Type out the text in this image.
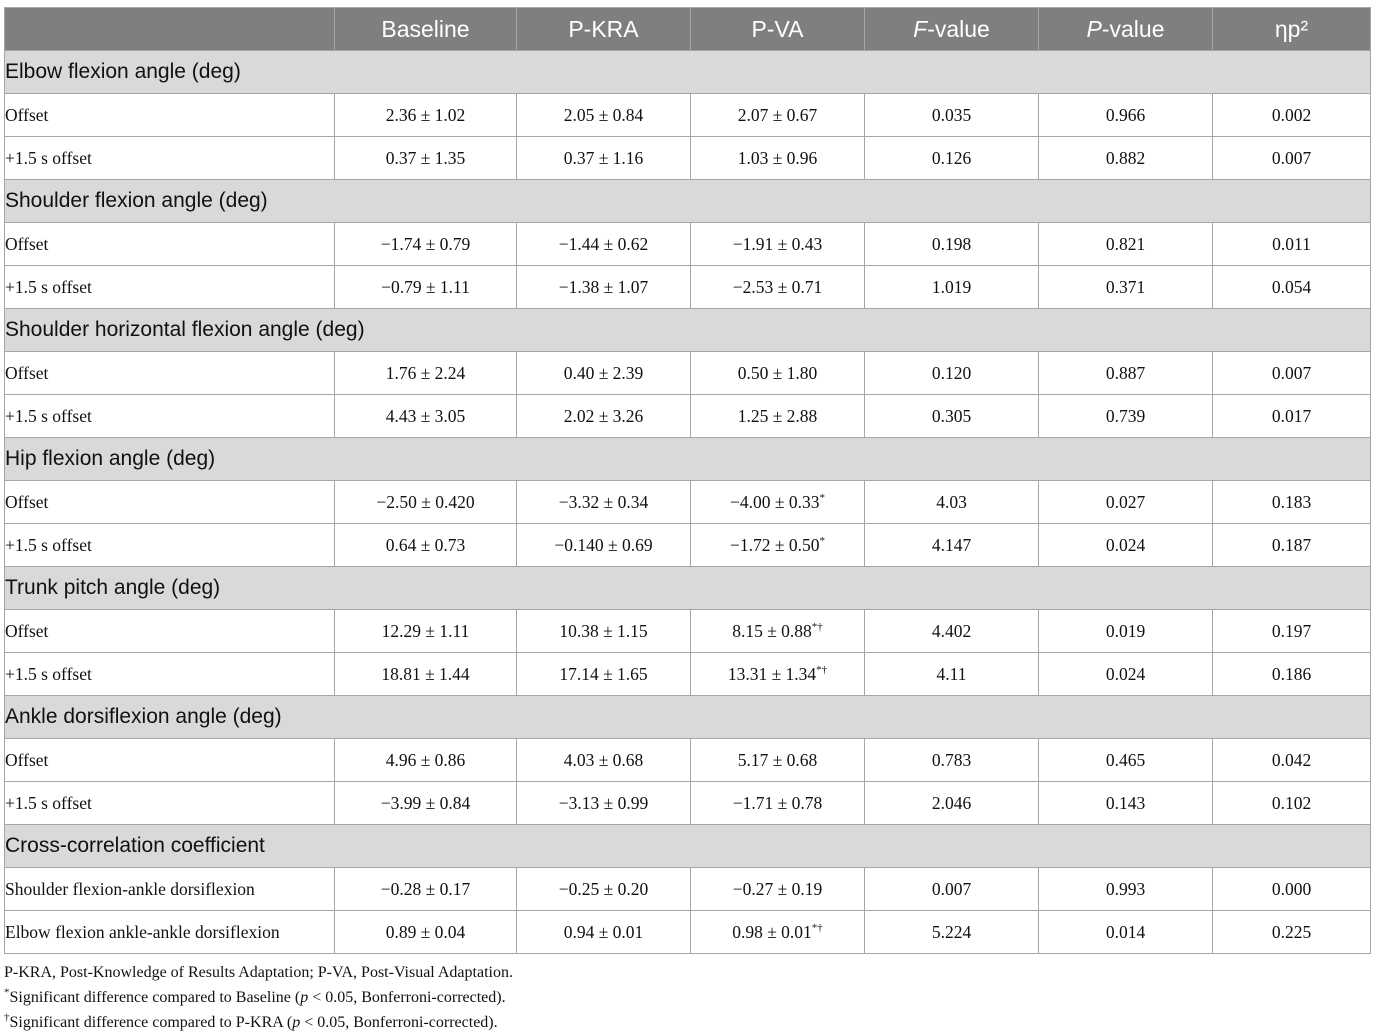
	Baseline	P-KRA	P-VA	F-value	P-value	ηp²
Elbow flexion angle (deg)						
Offset	2.36 ± 1.02	2.05 ± 0.84	2.07 ± 0.67	0.035	0.966	0.002
+1.5 s offset	0.37 ± 1.35	0.37 ± 1.16	1.03 ± 0.96	0.126	0.882	0.007
Shoulder flexion angle (deg)						
Offset	−1.74 ± 0.79	−1.44 ± 0.62	−1.91 ± 0.43	0.198	0.821	0.011
+1.5 s offset	−0.79 ± 1.11	−1.38 ± 1.07	−2.53 ± 0.71	1.019	0.371	0.054
Shoulder horizontal flexion angle (deg)						
Offset	1.76 ± 2.24	0.40 ± 2.39	0.50 ± 1.80	0.120	0.887	0.007
+1.5 s offset	4.43 ± 3.05	2.02 ± 3.26	1.25 ± 2.88	0.305	0.739	0.017
Hip flexion angle (deg)						
Offset	−2.50 ± 0.420	−3.32 ± 0.34	−4.00 ± 0.33*	4.03	0.027	0.183
+1.5 s offset	0.64 ± 0.73	−0.140 ± 0.69	−1.72 ± 0.50*	4.147	0.024	0.187
Trunk pitch angle (deg)						
Offset	12.29 ± 1.11	10.38 ± 1.15	8.15 ± 0.88*†	4.402	0.019	0.197
+1.5 s offset	18.81 ± 1.44	17.14 ± 1.65	13.31 ± 1.34*†	4.11	0.024	0.186
Ankle dorsiflexion angle (deg)						
Offset	4.96 ± 0.86	4.03 ± 0.68	5.17 ± 0.68	0.783	0.465	0.042
+1.5 s offset	−3.99 ± 0.84	−3.13 ± 0.99	−1.71 ± 0.78	2.046	0.143	0.102
Cross-correlation coefficient						
Shoulder flexion-ankle dorsiflexion	−0.28 ± 0.17	−0.25 ± 0.20	−0.27 ± 0.19	0.007	0.993	0.000
Elbow flexion ankle-ankle dorsiflexion	0.89 ± 0.04	0.94 ± 0.01	0.98 ± 0.01*†	5.224	0.014	0.225
P-KRA, Post-Knowledge of Results Adaptation; P-VA, Post-Visual Adaptation.
*Significant difference compared to Baseline (p < 0.05, Bonferroni-corrected).
†Significant difference compared to P-KRA (p < 0.05, Bonferroni-corrected).
